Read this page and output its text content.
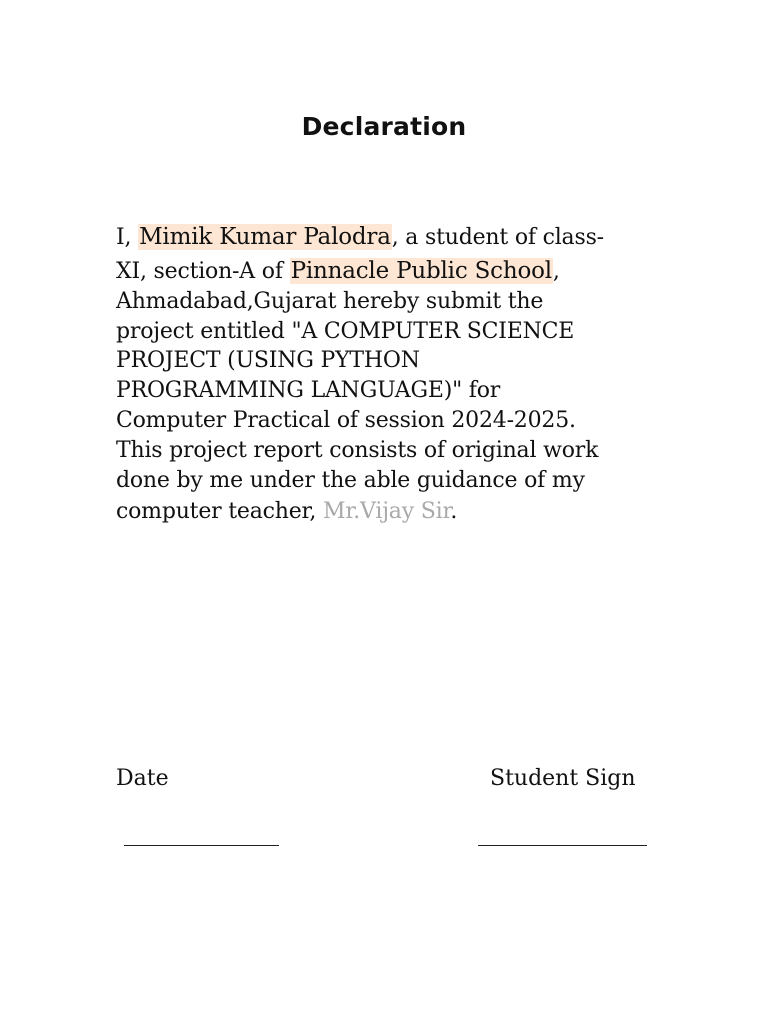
Declaration
I, Mimik Kumar Palodra, a student of class-
XI, section-A of Pinnacle Public School,
Ahmadabad,Gujarat hereby submit the
project entitled "A COMPUTER SCIENCE
PROJECT (USING PYTHON
PROGRAMMING LANGUAGE)" for
Computer Practical of session 2024-2025.
This project report consists of original work
done by me under the able guidance of my
computer teacher, Mr.Vijay Sir.
Date	Student Sign
